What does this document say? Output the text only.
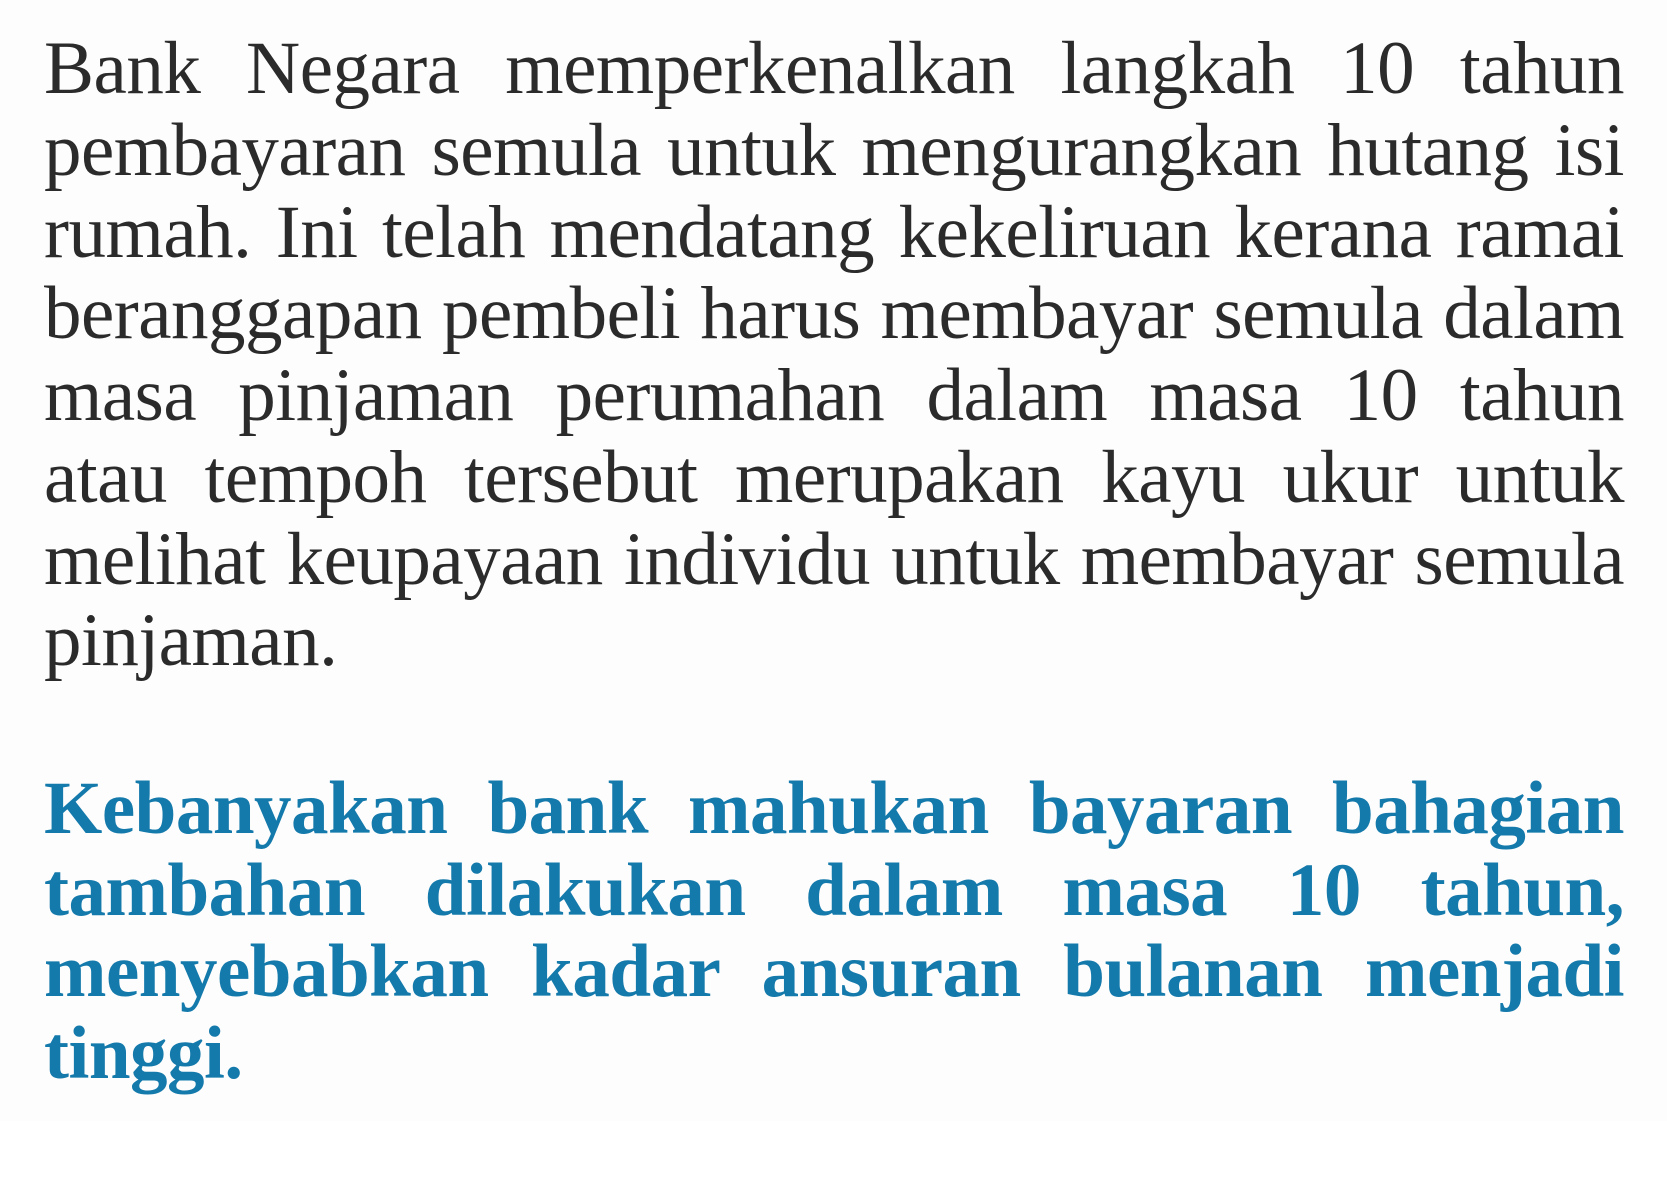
Bank Negara memperkenalkan langkah 10 tahun pembayaran semula untuk mengurangkan hutang isi rumah. Ini telah mendatang kekeliruan kerana ramai beranggapan pembeli harus membayar semula dalam masa pinjaman perumahan dalam masa 10 tahun atau tempoh tersebut merupakan kayu ukur untuk melihat keupayaan individu untuk membayar semula pinjaman.

Kebanyakan bank mahukan bayaran bahagian tambahan dilakukan dalam masa 10 tahun, menyebabkan kadar ansuran bulanan menjadi tinggi.
